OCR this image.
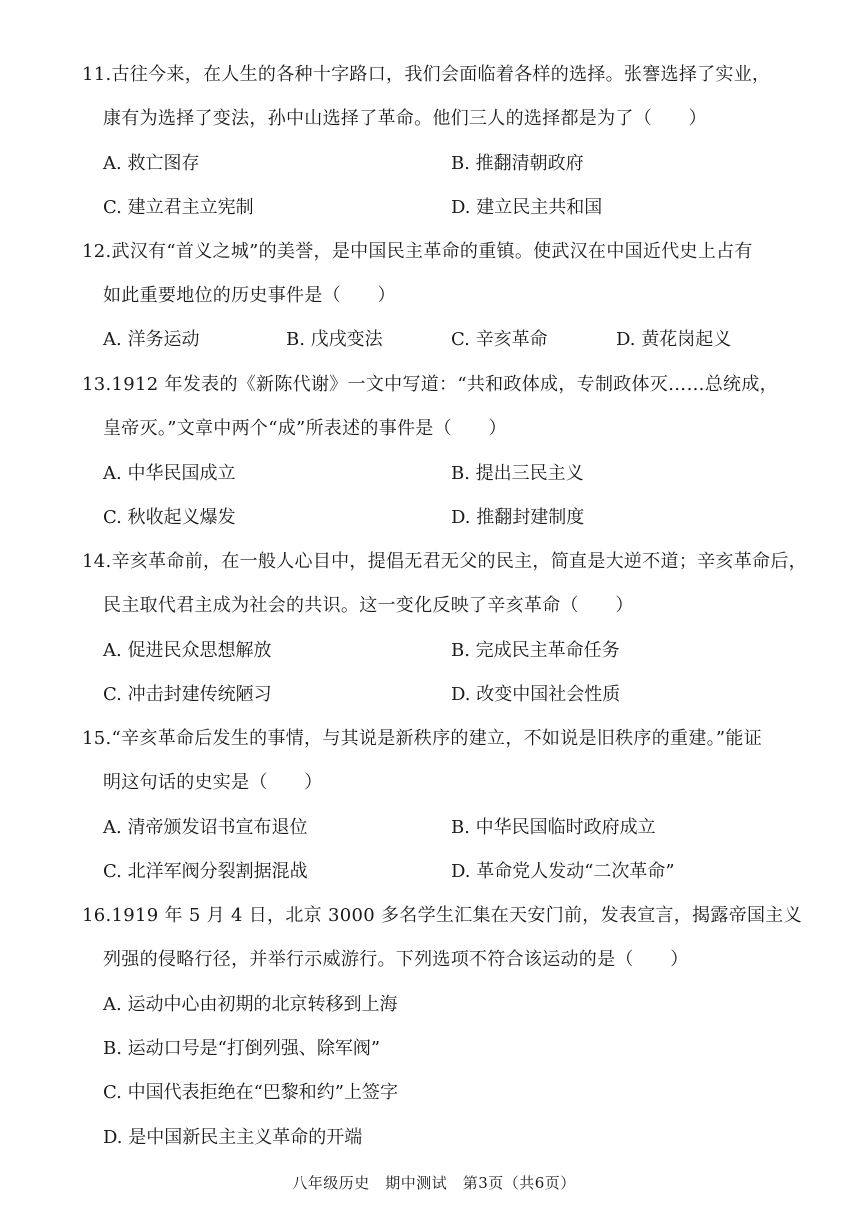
11.古往今来，在人生的各种十字路口，我们会面临着各样的选择。张謇选择了实业，
康有为选择了变法，孙中山选择了革命。他们三人的选择都是为了（　　）
A. 救亡图存	B. 推翻清朝政府
C. 建立君主立宪制	D. 建立民主共和国
12.武汉有“首义之城”的美誉，是中国民主革命的重镇。使武汉在中国近代史上占有
如此重要地位的历史事件是（　　）
A. 洋务运动	B. 戊戌变法	C. 辛亥革命	D. 黄花岗起义
13.1912 年发表的《新陈代谢》一文中写道：“共和政体成，专制政体灭……总统成，
皇帝灭。”文章中两个“成”所表述的事件是（　　）
A. 中华民国成立	B. 提出三民主义
C. 秋收起义爆发	D. 推翻封建制度
14.辛亥革命前，在一般人心目中，提倡无君无父的民主，简直是大逆不道；辛亥革命后，
民主取代君主成为社会的共识。这一变化反映了辛亥革命（　　）
A. 促进民众思想解放	B. 完成民主革命任务
C. 冲击封建传统陋习	D. 改变中国社会性质
15.“辛亥革命后发生的事情，与其说是新秩序的建立，不如说是旧秩序的重建。”能证
明这句话的史实是（　　）
A. 清帝颁发诏书宣布退位	B. 中华民国临时政府成立
C. 北洋军阀分裂割据混战	D. 革命党人发动“二次革命”
16.1919 年 5 月 4 日，北京 3000 多名学生汇集在天安门前，发表宣言，揭露帝国主义
列强的侵略行径，并举行示威游行。下列选项不符合该运动的是（　　）
A. 运动中心由初期的北京转移到上海
B. 运动口号是“打倒列强、除军阀”
C. 中国代表拒绝在“巴黎和约”上签字
D. 是中国新民主主义革命的开端
八年级历史　期中测试　第3页（共6页）
